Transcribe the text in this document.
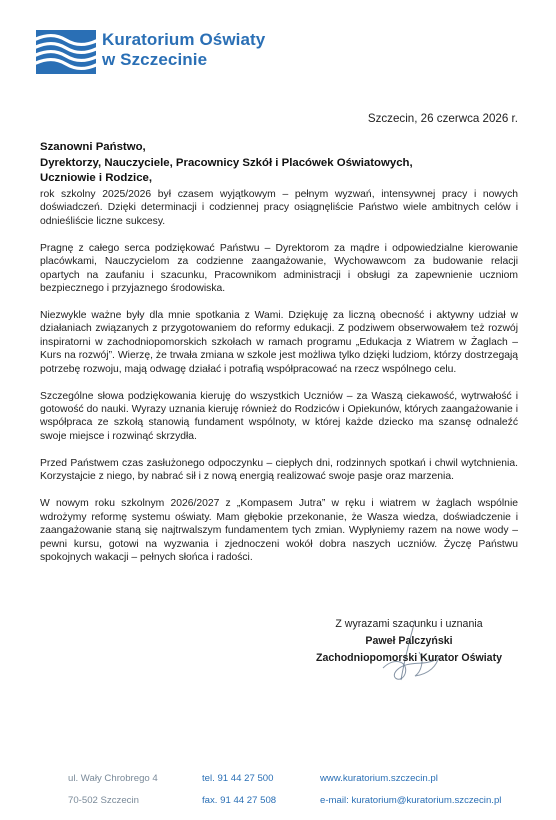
Kuratorium Oświaty
w Szczecinie
Szczecin, 26 czerwca 2026 r.
Szanowni Państwo,
Dyrektorzy, Nauczyciele, Pracownicy Szkół i Placówek Oświatowych,
Uczniowie i Rodzice,

rok szkolny 2025/2026 był czasem wyjątkowym – pełnym wyzwań, intensywnej pracy i nowych doświadczeń. Dzięki determinacji i codziennej pracy osiągnęliście Państwo wiele ambitnych celów i odnieśliście liczne sukcesy.

Pragnę z całego serca podziękować Państwu – Dyrektorom za mądre i odpowiedzialne kierowanie placówkami, Nauczycielom za codzienne zaangażowanie, Wychowawcom za budowanie relacji opartych na zaufaniu i szacunku, Pracownikom administracji i obsługi za zapewnienie uczniom bezpiecznego i przyjaznego środowiska.

Niezwykle ważne były dla mnie spotkania z Wami. Dziękuję za liczną obecność i aktywny udział w działaniach związanych z przygotowaniem do reformy edukacji. Z podziwem obserwowałem też rozwój inspiratorni w zachodniopomorskich szkołach w ramach programu „Edukacja z Wiatrem w Żaglach – Kurs na rozwój”. Wierzę, że trwała zmiana w szkole jest możliwa tylko dzięki ludziom, którzy dostrzegają potrzebę rozwoju, mają odwagę działać i potrafią współpracować na rzecz wspólnego celu.

Szczególne słowa podziękowania kieruję do wszystkich Uczniów – za Waszą ciekawość, wytrwałość i gotowość do nauki. Wyrazy uznania kieruję również do Rodziców i Opiekunów, których zaangażowanie i współpraca ze szkołą stanowią fundament wspólnoty, w której każde dziecko ma szansę odnaleźć swoje miejsce i rozwinąć skrzydła.

Przed Państwem czas zasłużonego odpoczynku – ciepłych dni, rodzinnych spotkań i chwil wytchnienia. Korzystajcie z niego, by nabrać sił i z nową energią realizować swoje pasje oraz marzenia.

W nowym roku szkolnym 2026/2027 z „Kompasem Jutra” w ręku i wiatrem w żaglach wspólnie wdrożymy reformę systemu oświaty. Mam głębokie przekonanie, że Wasza wiedza, doświadczenie i zaangażowanie staną się najtrwalszym fundamentem tych zmian. Wypłyniemy razem na nowe wody – pewni kursu, gotowi na wyzwania i zjednoczeni wokół dobra naszych uczniów. Życzę Państwu spokojnych wakacji – pełnych słońca i radości.

Z wyrazami szacunku i uznania
Paweł Palczyński
Zachodniopomorski Kurator Oświaty
ul. Wały Chrobrego 4
70-502 Szczecin
tel. 91 44 27 500
fax. 91 44 27 508
www.kuratorium.szczecin.pl
e-mail: kuratorium@kuratorium.szczecin.pl
